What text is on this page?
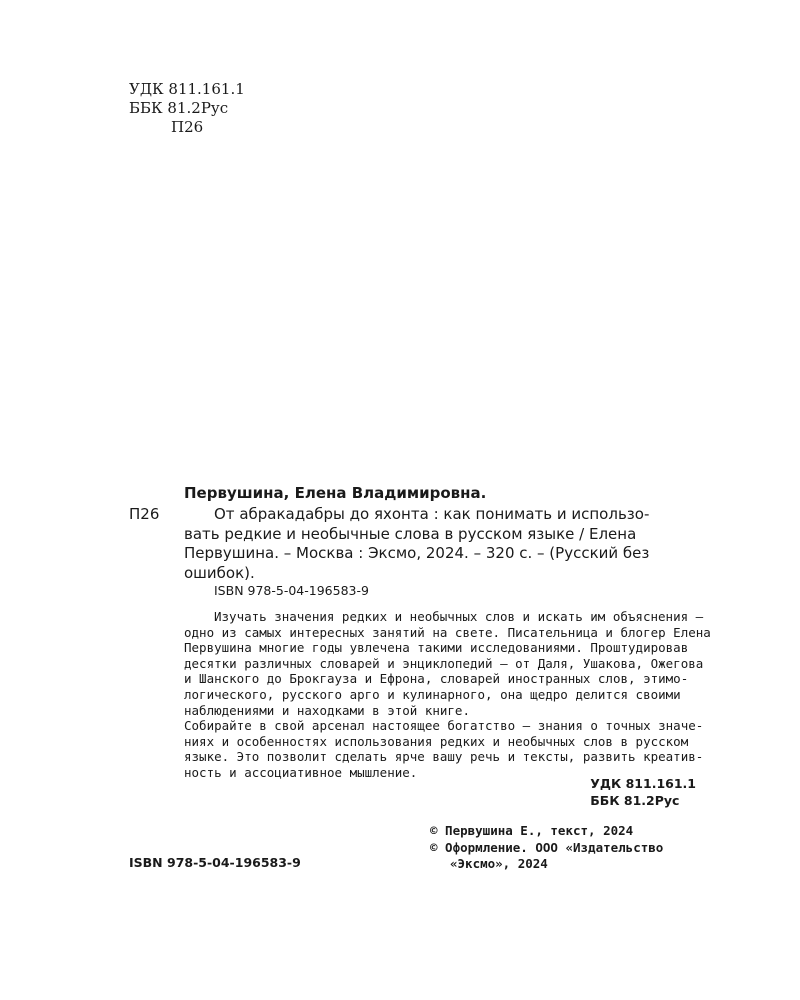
УДК 811.161.1
ББК 81.2Рус
П26
Первушина, Елена Владимировна.
П26	От абракадабры до яхонта : как понимать и использо-
вать редкие и необычные слова в русском языке / Елена
Первушина. – Москва : Эксмо, 2024. – 320 с. – (Русский без
ошибок).
ISBN 978-5-04-196583-9
Изучать значения редких и необычных слов и искать им объяснения –
одно из самых интересных занятий на свете. Писательница и блогер Елена
Первушина многие годы увлечена такими исследованиями. Проштудировав
десятки различных словарей и энциклопедий – от Даля, Ушакова, Ожегова
и Шанского до Брокгауза и Ефрона, словарей иностранных слов, этимо-
логического, русского арго и кулинарного, она щедро делится своими
наблюдениями и находками в этой книге.
Собирайте в свой арсенал настоящее богатство – знания о точных значе-
ниях и особенностях использования редких и необычных слов в русском
языке. Это позволит сделать ярче вашу речь и тексты, развить креатив-
ность и ассоциативное мышление.
УДК 811.161.1
ББК 81.2Рус
© Первушина Е., текст, 2024
© Оформление. ООО «Издательство
«Эксмо», 2024
ISBN 978-5-04-196583-9
